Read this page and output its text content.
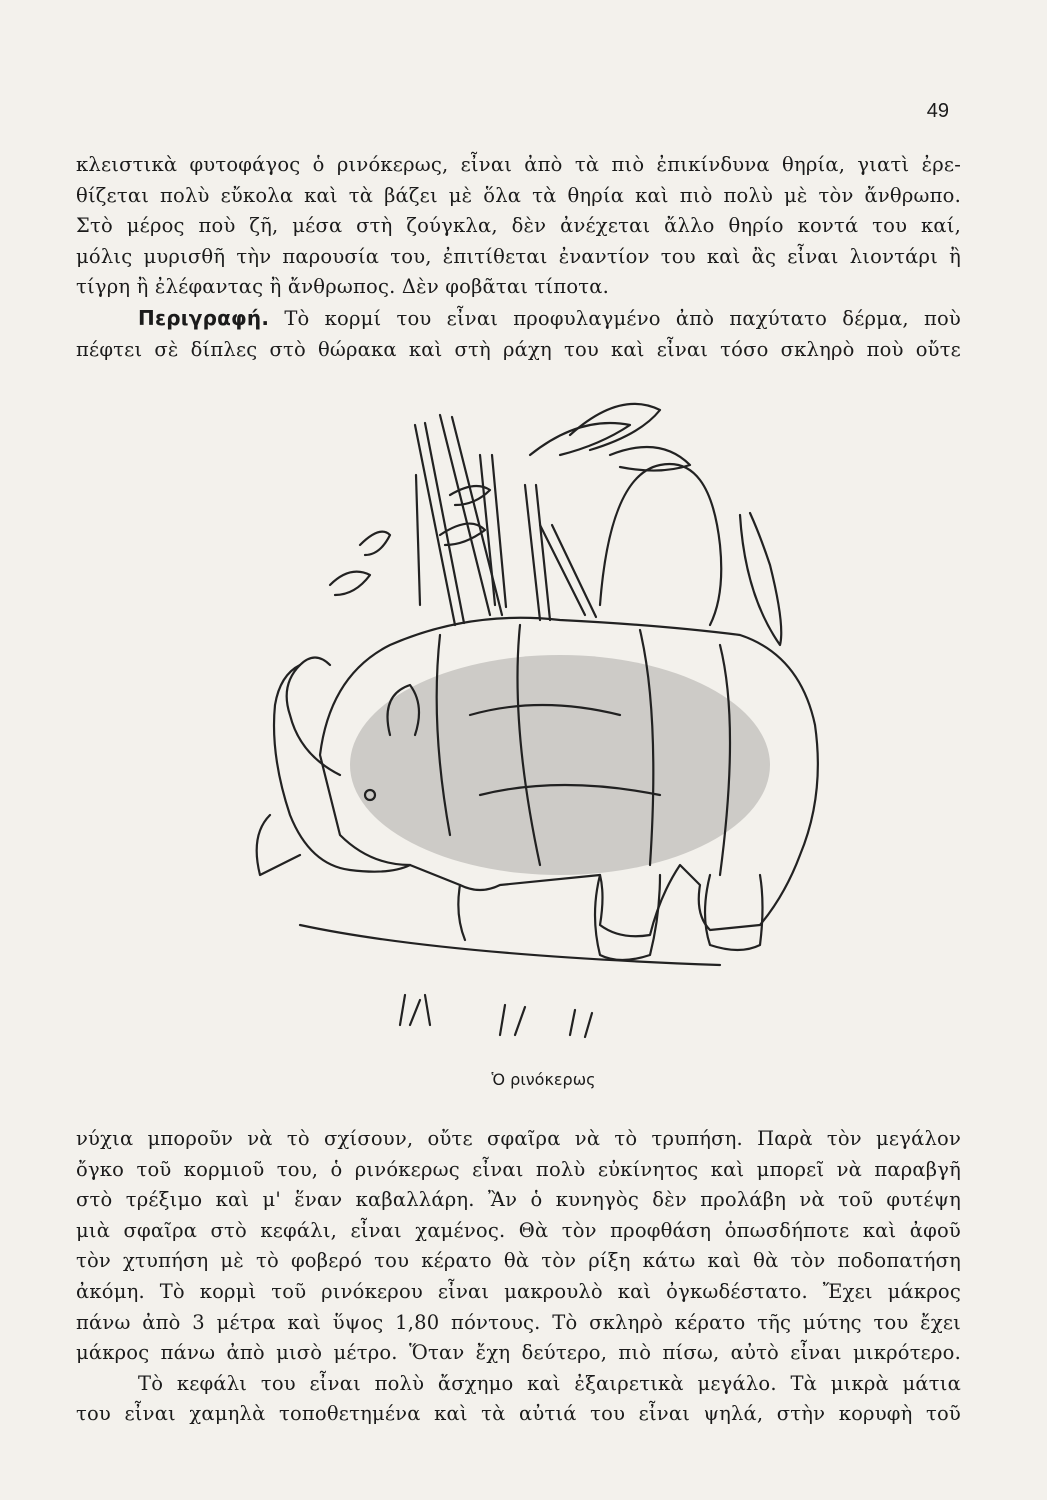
49
κλειστικὰ φυτοφάγος ὁ ρινόκερως, εἶναι ἀπὸ τὰ πιὸ ἐπικίνδυνα θηρία, γιατὶ ἐρε-
θίζεται πολὺ εὔκολα καὶ τὰ βάζει μὲ ὅλα τὰ θηρία καὶ πιὸ πολὺ μὲ τὸν ἄνθρωπο.
Στὸ μέρος ποὺ ζῆ, μέσα στὴ ζούγκλα, δὲν ἀνέχεται ἄλλο θηρίο κοντά του καί,
μόλις μυρισθῆ τὴν παρουσία του, ἐπιτίθεται ἐναντίον του καὶ ἂς εἶναι λιοντάρι ἢ
τίγρη ἢ ἐλέφαντας ἢ ἄνθρωπος. Δὲν φοβᾶται τίποτα.
Περιγραφή. Τὸ κορμί του εἶναι προφυλαγμένο ἀπὸ παχύτατο δέρμα, ποὺ
πέφτει σὲ δίπλες στὸ θώρακα καὶ στὴ ράχη του καὶ εἶναι τόσο σκληρὸ ποὺ οὔτε
Ὁ ρινόκερως
νύχια μποροῦν νὰ τὸ σχίσουν, οὔτε σφαῖρα νὰ τὸ τρυπήση. Παρὰ τὸν μεγάλον
ὄγκο τοῦ κορμιοῦ του, ὁ ρινόκερως εἶναι πολὺ εὐκίνητος καὶ μπορεῖ νὰ παραβγῆ
στὸ τρέξιμο καὶ μ' ἕναν καβαλλάρη. Ἂν ὁ κυνηγὸς δὲν προλάβη νὰ τοῦ φυτέψη
μιὰ σφαῖρα στὸ κεφάλι, εἶναι χαμένος. Θὰ τὸν προφθάση ὁπωσδήποτε καὶ ἀφοῦ
τὸν χτυπήση μὲ τὸ φοβερό του κέρατο θὰ τὸν ρίξη κάτω καὶ θὰ τὸν ποδοπατήση
ἀκόμη. Τὸ κορμὶ τοῦ ρινόκερου εἶναι μακρουλὸ καὶ ὀγκωδέστατο. Ἔχει μάκρος
πάνω ἀπὸ 3 μέτρα καὶ ὕψος 1,80 πόντους. Τὸ σκληρὸ κέρατο τῆς μύτης του ἔχει
μάκρος πάνω ἀπὸ μισὸ μέτρο. Ὅταν ἔχη δεύτερο, πιὸ πίσω, αὐτὸ εἶναι μικρότερο.
Τὸ κεφάλι του εἶναι πολὺ ἄσχημο καὶ ἐξαιρετικὰ μεγάλο. Τὰ μικρὰ μάτια
του εἶναι χαμηλὰ τοποθετημένα καὶ τὰ αὐτιά του εἶναι ψηλά, στὴν κορυφὴ τοῦ
